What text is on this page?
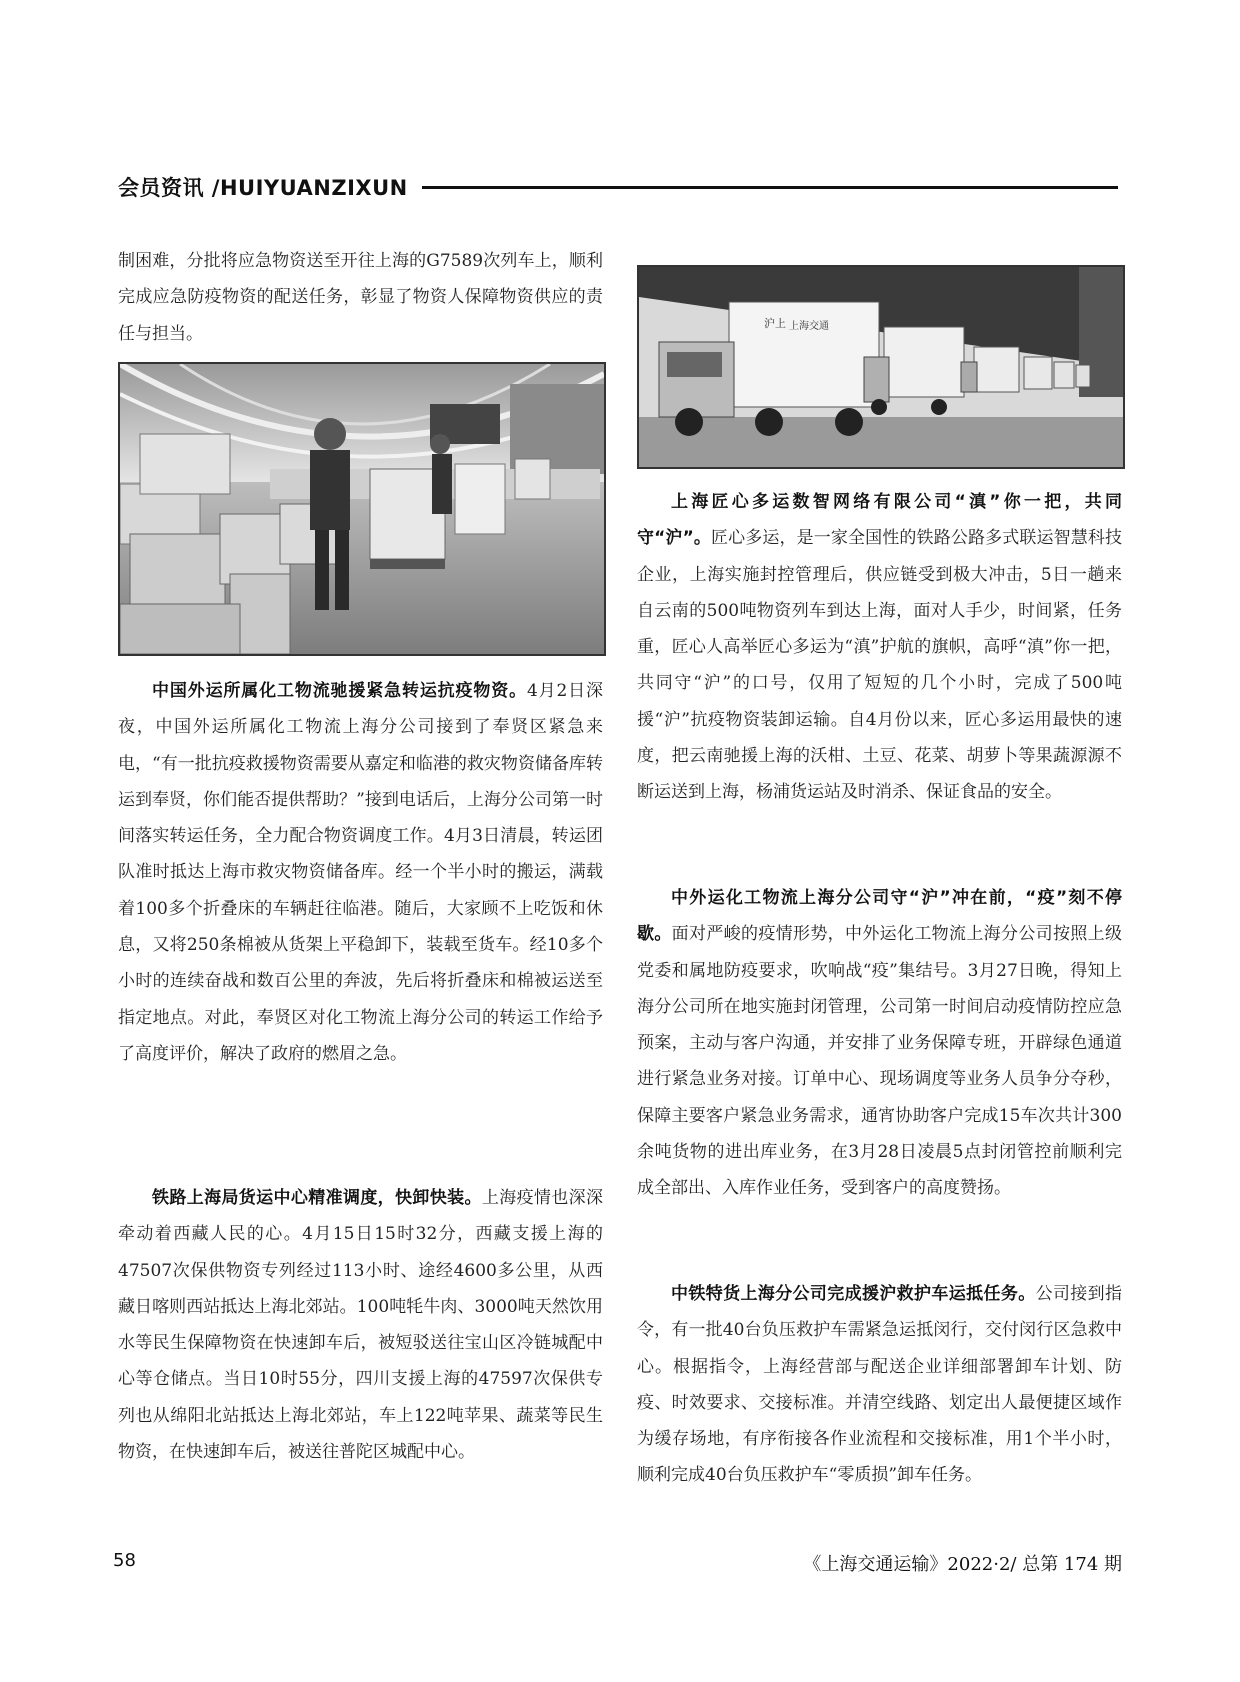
会员资讯 /HUIYUANZIXUN

制困难，分批将应急物资送至开往上海的G7589次列车上，顺利完成应急防疫物资的配送任务，彰显了物资人保障物资供应的责任与担当。

中国外运所属化工物流驰援紧急转运抗疫物资。4月2日深夜，中国外运所属化工物流上海分公司接到了奉贤区紧急来电，“有一批抗疫救援物资需要从嘉定和临港的救灾物资储备库转运到奉贤，你们能否提供帮助？”接到电话后，上海分公司第一时间落实转运任务，全力配合物资调度工作。4月3日清晨，转运团队准时抵达上海市救灾物资储备库。经一个半小时的搬运，满载着100多个折叠床的车辆赶往临港。随后，大家顾不上吃饭和休息，又将250条棉被从货架上平稳卸下，装载至货车。经10多个小时的连续奋战和数百公里的奔波，先后将折叠床和棉被运送至指定地点。对此，奉贤区对化工物流上海分公司的转运工作给予了高度评价，解决了政府的燃眉之急。

铁路上海局货运中心精准调度，快卸快装。上海疫情也深深牵动着西藏人民的心。4月15日15时32分，西藏支援上海的47507次保供物资专列经过113小时、途经4600多公里，从西藏日喀则西站抵达上海北郊站。100吨牦牛肉、3000吨天然饮用水等民生保障物资在快速卸车后，被短驳送往宝山区冷链城配中心等仓储点。当日10时55分，四川支援上海的47597次保供专列也从绵阳北站抵达上海北郊站，车上122吨苹果、蔬菜等民生物资，在快速卸车后，被送往普陀区城配中心。

沪上 上海交通

上海匠心多运数智网络有限公司“滇”你一把，共同守“沪”。匠心多运，是一家全国性的铁路公路多式联运智慧科技企业，上海实施封控管理后，供应链受到极大冲击，5日一趟来自云南的500吨物资列车到达上海，面对人手少，时间紧，任务重，匠心人高举匠心多运为“滇”护航的旗帜，高呼“滇”你一把，共同守“沪”的口号，仅用了短短的几个小时，完成了500吨援“沪”抗疫物资装卸运输。自4月份以来，匠心多运用最快的速度，把云南驰援上海的沃柑、土豆、花菜、胡萝卜等果蔬源源不断运送到上海，杨浦货运站及时消杀、保证食品的安全。

中外运化工物流上海分公司守“沪”冲在前，“疫”刻不停歇。面对严峻的疫情形势，中外运化工物流上海分公司按照上级党委和属地防疫要求，吹响战“疫”集结号。3月27日晚，得知上海分公司所在地实施封闭管理，公司第一时间启动疫情防控应急预案，主动与客户沟通，并安排了业务保障专班，开辟绿色通道进行紧急业务对接。订单中心、现场调度等业务人员争分夺秒，保障主要客户紧急业务需求，通宵协助客户完成15车次共计300余吨货物的进出库业务，在3月28日凌晨5点封闭管控前顺利完成全部出、入库作业任务，受到客户的高度赞扬。

中铁特货上海分公司完成援沪救护车运抵任务。公司接到指令，有一批40台负压救护车需紧急运抵闵行，交付闵行区急救中心。根据指令，上海经营部与配送企业详细部署卸车计划、防疫、时效要求、交接标准。并清空线路、划定出人最便捷区域作为缓存场地，有序衔接各作业流程和交接标准，用1个半小时，顺利完成40台负压救护车“零质损”卸车任务。

58	《上海交通运输》2022·2/ 总第 174 期
